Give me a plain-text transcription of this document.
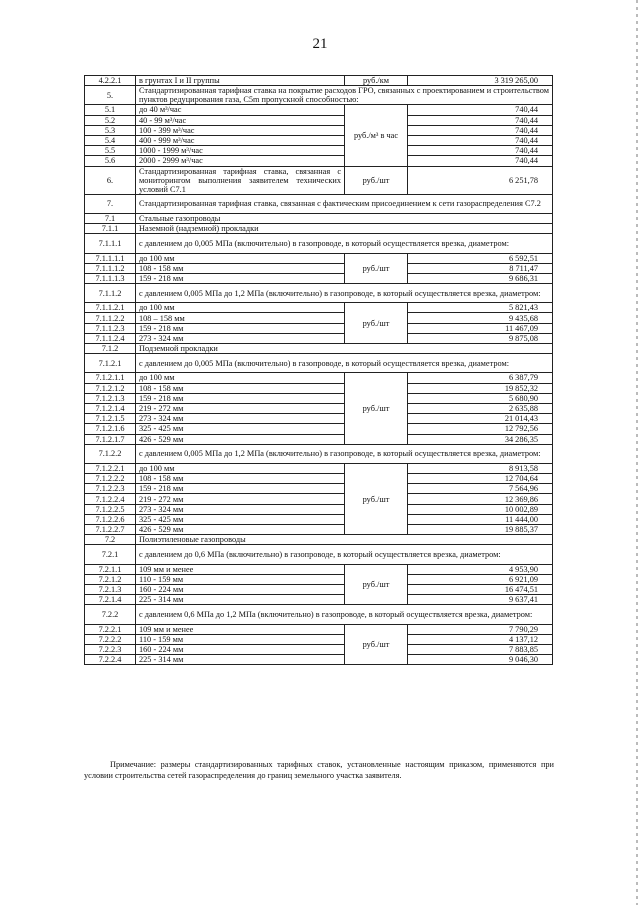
21
4.2.2.1	в грунтах I и II группы	руб./км	3 319 265,00
5.	Стандартизированная тарифная ставка на покрытие расходов ГРО, связанных с проектированием и строительством пунктов редуцирования газа, С5m пропускной способностью:		
5.1	до 40 м³/час	руб./м³ в час	740,44
5.2	40 - 99 м³/час		740,44
5.3	100 - 399 м³/час		740,44
5.4	400 - 999 м³/час		740,44
5.5	1000 - 1999 м³/час		740,44
5.6	2000 - 2999 м³/час		740,44
6.	Стандартизированная тарифная ставка, связанная с мониторингом выполнения заявителем технических условий С7.1	руб./шт	6 251,78
7.	Стандартизированная тарифная ставка, связанная с фактическим присоединением к сети газораспределения С7.2		
7.1	Стальные газопроводы		
7.1.1	Наземной (надземной) прокладки		
7.1.1.1	с давлением до 0,005 МПа (включительно) в газопроводе, в который осуществляется врезка, диаметром:		
7.1.1.1.1	до 100 мм	руб./шт	6 592,51
7.1.1.1.2	108 - 158 мм		8 711,47
7.1.1.1.3	159 - 218 мм		9 686,31
7.1.1.2	с давлением 0,005 МПа до 1,2 МПа (включительно) в газопроводе, в который осуществляется врезка, диаметром:		
7.1.1.2.1	до 100 мм	руб./шт	5 821,43
7.1.1.2.2	108 – 158 мм		9 435,68
7.1.1.2.3	159 - 218 мм		11 467,09
7.1.1.2.4	273 - 324 мм		9 875,08
7.1.2	Подземной прокладки		
7.1.2.1	с давлением до 0,005 МПа (включительно) в газопроводе, в который осуществляется врезка, диаметром:		
7.1.2.1.1	до 100 мм	руб./шт	6 387,79
7.1.2.1.2	108 - 158 мм		19 852,32
7.1.2.1.3	159 - 218 мм		5 680,90
7.1.2.1.4	219 - 272 мм		2 635,88
7.1.2.1.5	273 - 324 мм		21 014,43
7.1.2.1.6	325 - 425 мм		12 792,56
7.1.2.1.7	426 - 529 мм		34 286,35
7.1.2.2	с давлением 0,005 МПа до 1,2 МПа (включительно) в газопроводе, в который осуществляется врезка, диаметром:		
7.1.2.2.1	до 100 мм	руб./шт	8 913,58
7.1.2.2.2	108 - 158 мм		12 704,64
7.1.2.2.3	159 - 218 мм		7 564,96
7.1.2.2.4	219 - 272 мм		12 369,86
7.1.2.2.5	273 - 324 мм		10 002,89
7.1.2.2.6	325 - 425 мм		11 444,00
7.1.2.2.7	426 - 529 мм		19 885,37
7.2	Полиэтиленовые газопроводы		
7.2.1	с давлением до 0,6 МПа (включительно) в газопроводе, в который осуществляется врезка, диаметром:		
7.2.1.1	109 мм и менее	руб./шт	4 953,90
7.2.1.2	110 - 159 мм		6 921,09
7.2.1.3	160 - 224 мм		16 474,51
7.2.1.4	225 - 314 мм		9 637,41
7.2.2	с давлением 0,6 МПа до 1,2 МПа (включительно) в газопроводе, в который осуществляется врезка, диаметром:		
7.2.2.1	109 мм и менее	руб./шт	7 790,29
7.2.2.2	110 - 159 мм		4 137,12
7.2.2.3	160 - 224 мм		7 883,85
7.2.2.4	225 - 314 мм		9 046,30
Примечание: размеры стандартизированных тарифных ставок, установленные настоящим приказом, применяются при условии строительства сетей газораспределения до границ земельного участка заявителя.
